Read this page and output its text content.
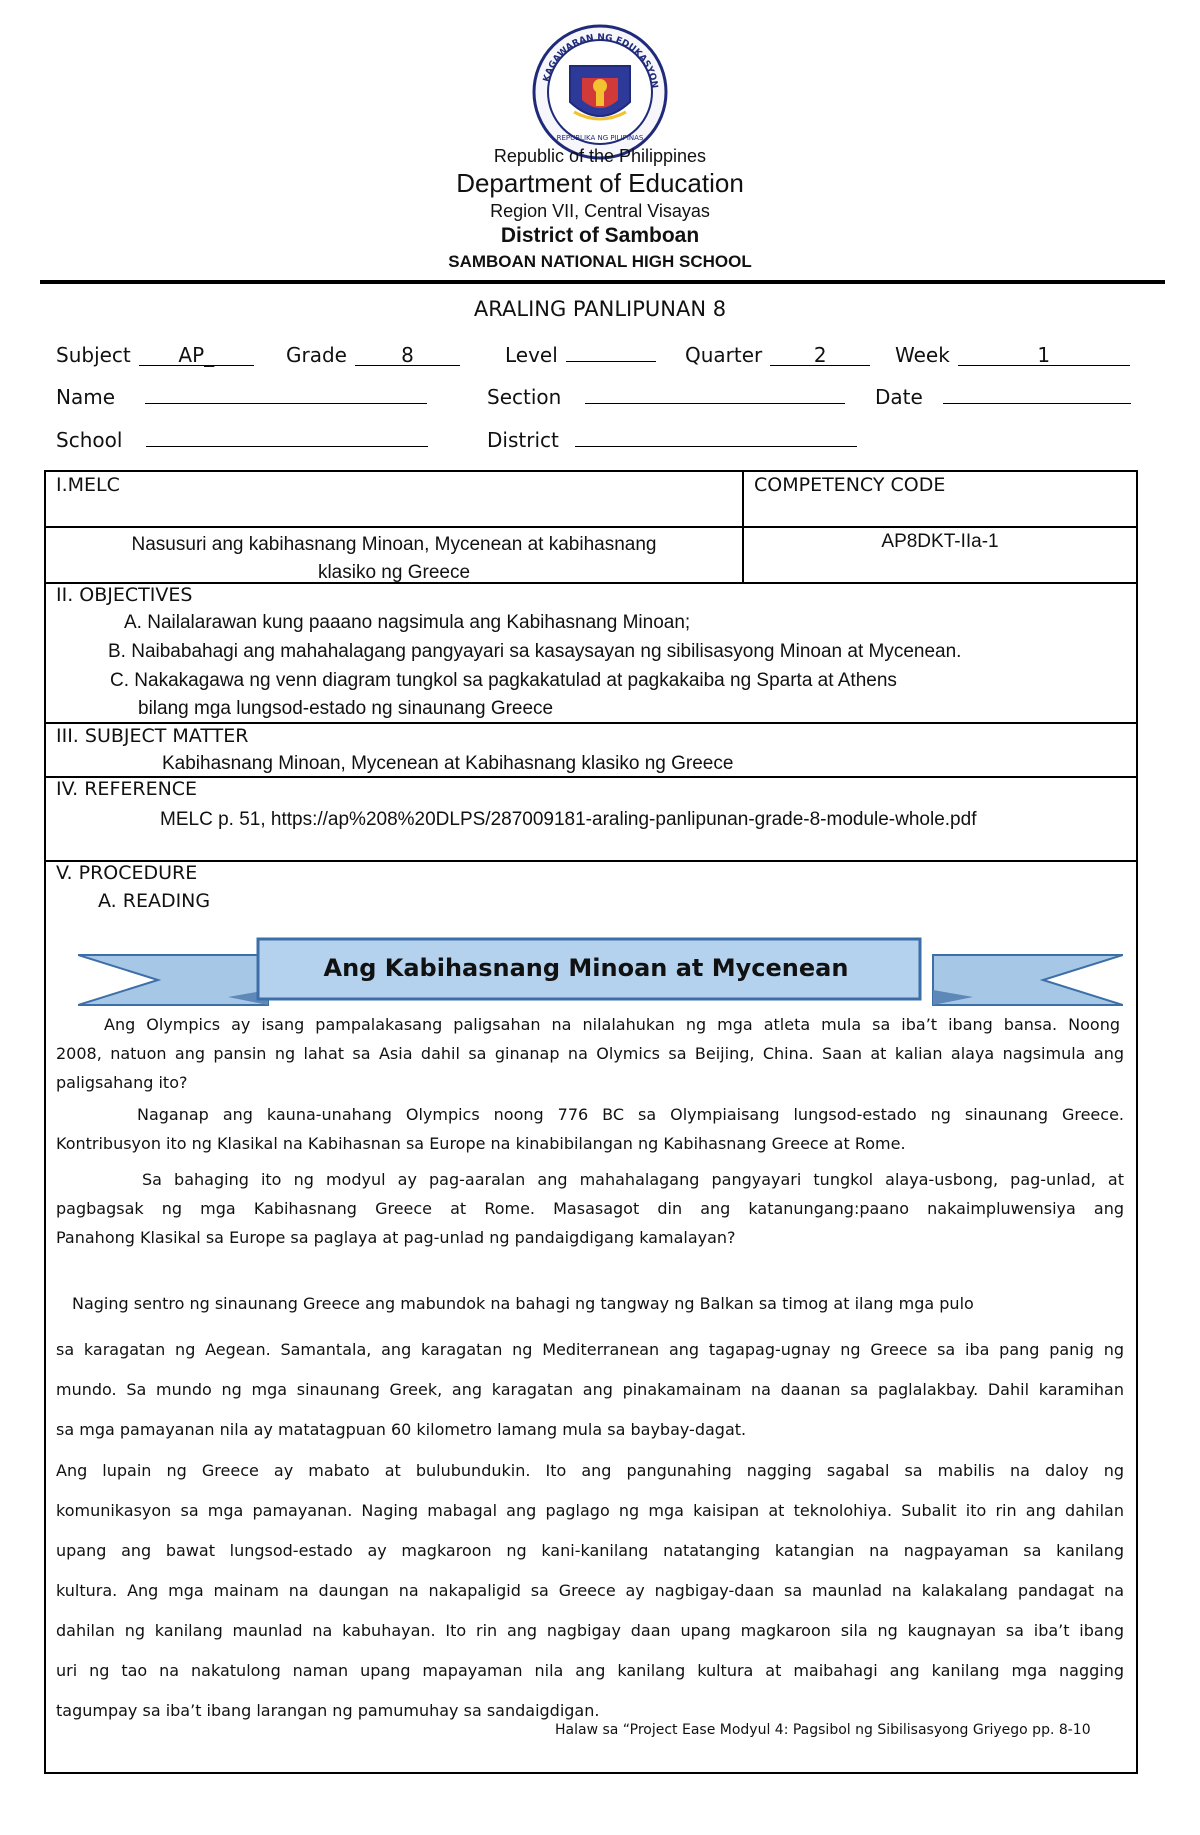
KAGAWARAN NG EDUKASYON
REPUBLIKA NG PILIPINAS
Republic of the Philippines
Department of Education
Region VII, Central Visayas
District of Samboan
SAMBOAN NATIONAL HIGH SCHOOL
ARALING PANLIPUNAN 8
Subject AP_	Grade	8	Level	Quarter	2	Week	1
Name	Section	Date
School	District
I.MELC	COMPETENCY CODE
Nasusuri ang kabihasnang Minoan, Mycenean at kabihasnang
klasiko ng Greece
AP8DKT-IIa-1
II. OBJECTIVES
A. Nailalarawan kung paaano nagsimula ang Kabihasnang Minoan;
B. Naibabahagi ang mahahalagang pangyayari sa kasaysayan ng sibilisasyong Minoan at Mycenean.
C. Nakakagawa ng venn diagram tungkol sa pagkakatulad at pagkakaiba ng Sparta at Athens
bilang mga lungsod-estado ng sinaunang Greece
III. SUBJECT MATTER
Kabihasnang Minoan, Mycenean at Kabihasnang klasiko ng Greece
IV. REFERENCE
MELC p. 51, https://ap%208%20DLPS/287009181-araling-panlipunan-grade-8-module-whole.pdf
V. PROCEDURE
A. READING
Ang Kabihasnang Minoan at Mycenean
Ang Olympics ay isang pampalakasang paligsahan na nilalahukan ng mga atleta mula sa iba’t ibang bansa. Noong
2008, natuon ang pansin ng lahat sa Asia dahil sa ginanap na Olymics sa Beijing, China. Saan at kalian alaya nagsimula ang
paligsahang ito?
Naganap ang kauna-unahang Olympics noong 776 BC sa Olympiaisang lungsod-estado ng sinaunang Greece.
Kontribusyon ito ng Klasikal na Kabihasnan sa Europe na kinabibilangan ng Kabihasnang Greece at Rome.
Sa bahaging ito ng modyul ay pag-aaralan ang mahahalagang pangyayari tungkol alaya-usbong, pag-unlad, at
pagbagsak ng mga Kabihasnang Greece at Rome. Masasagot din ang katanungang:paano nakaimpluwensiya ang
Panahong Klasikal sa Europe sa paglaya at pag-unlad ng pandaigdigang kamalayan?
Naging sentro ng sinaunang Greece ang mabundok na bahagi ng tangway ng Balkan sa timog at ilang mga pulo
sa karagatan ng Aegean. Samantala, ang karagatan ng Mediterranean ang tagapag-ugnay ng Greece sa iba pang panig ng
mundo. Sa mundo ng mga sinaunang Greek, ang karagatan ang pinakamainam na daanan sa paglalakbay. Dahil karamihan
sa mga pamayanan nila ay matatagpuan 60 kilometro lamang mula sa baybay-dagat.
Ang lupain ng Greece ay mabato at bulubundukin. Ito ang pangunahing nagging sagabal sa mabilis na daloy ng
komunikasyon sa mga pamayanan. Naging mabagal ang paglago ng mga kaisipan at teknolohiya. Subalit ito rin ang dahilan
upang ang bawat lungsod-estado ay magkaroon ng kani-kanilang natatanging katangian na nagpayaman sa kanilang
kultura. Ang mga mainam na daungan na nakapaligid sa Greece ay nagbigay-daan sa maunlad na kalakalang pandagat na
dahilan ng kanilang maunlad na kabuhayan. Ito rin ang nagbigay daan upang magkaroon sila ng kaugnayan sa iba’t ibang
uri ng tao na nakatulong naman upang mapayaman nila ang kanilang kultura at maibahagi ang kanilang mga nagging
tagumpay sa iba’t ibang larangan ng pamumuhay sa sandaigdigan.
Halaw sa “Project Ease Modyul 4: Pagsibol ng Sibilisasyong Griyego pp. 8-10
